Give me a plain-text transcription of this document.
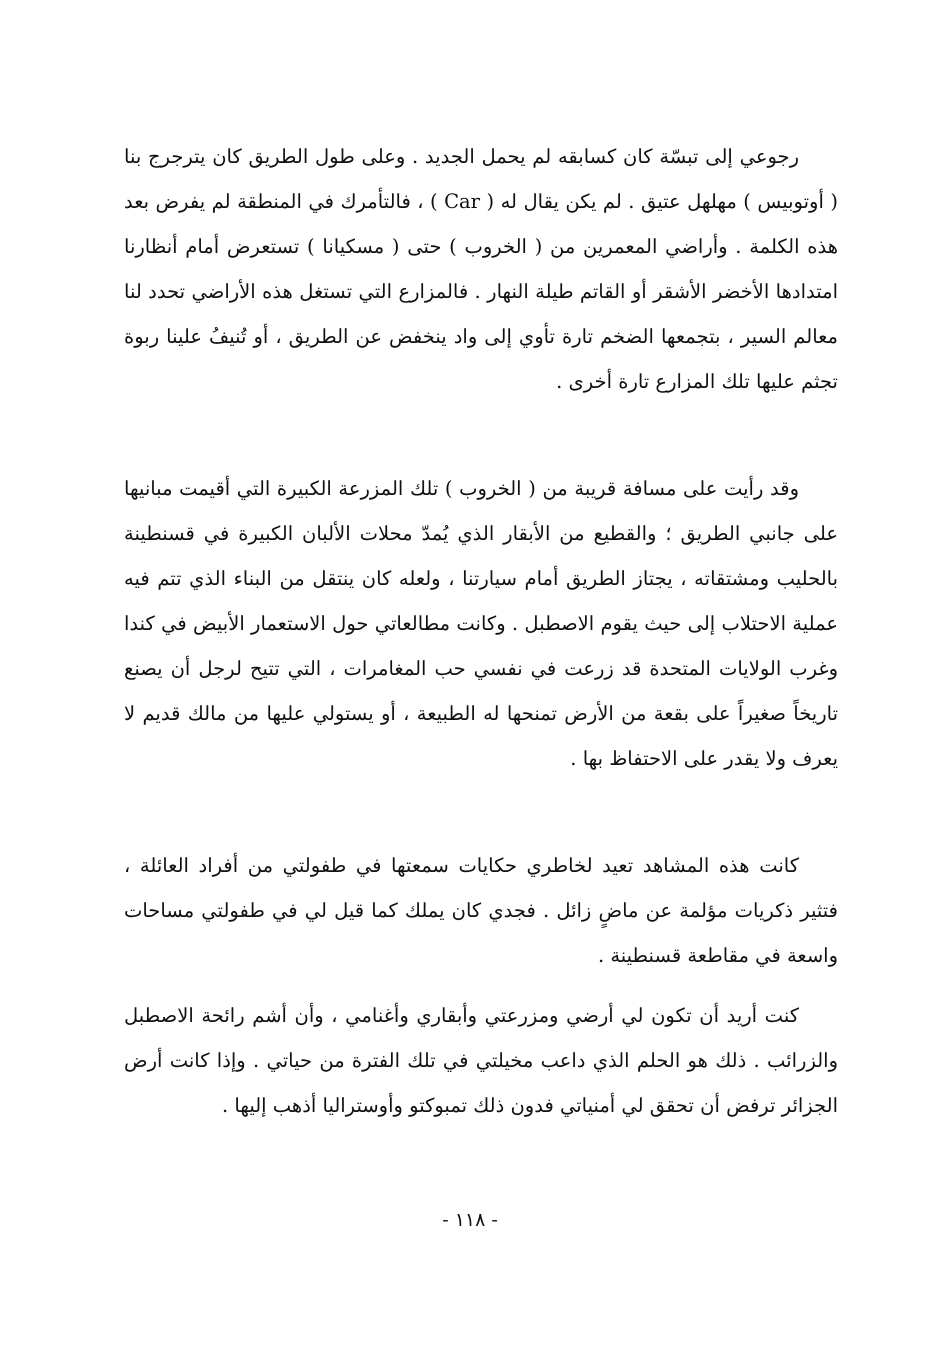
رجوعي إلى تبسّة كان كسابقه لم يحمل الجديد . وعلى طول الطريق كان يترجرج بنا ( أوتوبيس ) مهلهل عتيق . لم يكن يقال له ( Car ) ، فالتأمرك في المنطقة لم يفرض بعد هذه الكلمة . وأراضي المعمرين من ( الخروب ) حتى ( مسكيانا ) تستعرض أمام أنظارنا امتدادها الأخضر الأشقر أو القاتم طيلة النهار . فالمزارع التي تستغل هذه الأراضي تحدد لنا معالم السير ، بتجمعها الضخم تارة تأوي إلى واد ينخفض عن الطريق ، أو تُنيفُ علينا ربوة تجثم عليها تلك المزارع تارة أخرى .

وقد رأيت على مسافة قريبة من ( الخروب ) تلك المزرعة الكبيرة التي أقيمت مبانيها على جانبي الطريق ؛ والقطيع من الأبقار الذي يُمدّ محلات الألبان الكبيرة في قسنطينة بالحليب ومشتقاته ، يجتاز الطريق أمام سيارتنا ، ولعله كان ينتقل من البناء الذي تتم فيه عملية الاحتلاب إلى حيث يقوم الاصطبل . وكانت مطالعاتي حول الاستعمار الأبيض في كندا وغرب الولايات المتحدة قد زرعت في نفسي حب المغامرات ، التي تتيح لرجل أن يصنع تاريخاً صغيراً على بقعة من الأرض تمنحها له الطبيعة ، أو يستولي عليها من مالك قديم لا يعرف ولا يقدر على الاحتفاظ بها .

كانت هذه المشاهد تعيد لخاطري حكايات سمعتها في طفولتي من أفراد العائلة ، فتثير ذكريات مؤلمة عن ماضٍ زائل . فجدي كان يملك كما قيل لي في طفولتي مساحات واسعة في مقاطعة قسنطينة .

كنت أريد أن تكون لي أرضي ومزرعتي وأبقاري وأغنامي ، وأن أشم رائحة الاصطبل والزرائب . ذلك هو الحلم الذي داعب مخيلتي في تلك الفترة من حياتي . وإذا كانت أرض الجزائر ترفض أن تحقق لي أمنياتي فدون ذلك تمبوكتو وأوستراليا أذهب إليها .

- ١١٨ -
